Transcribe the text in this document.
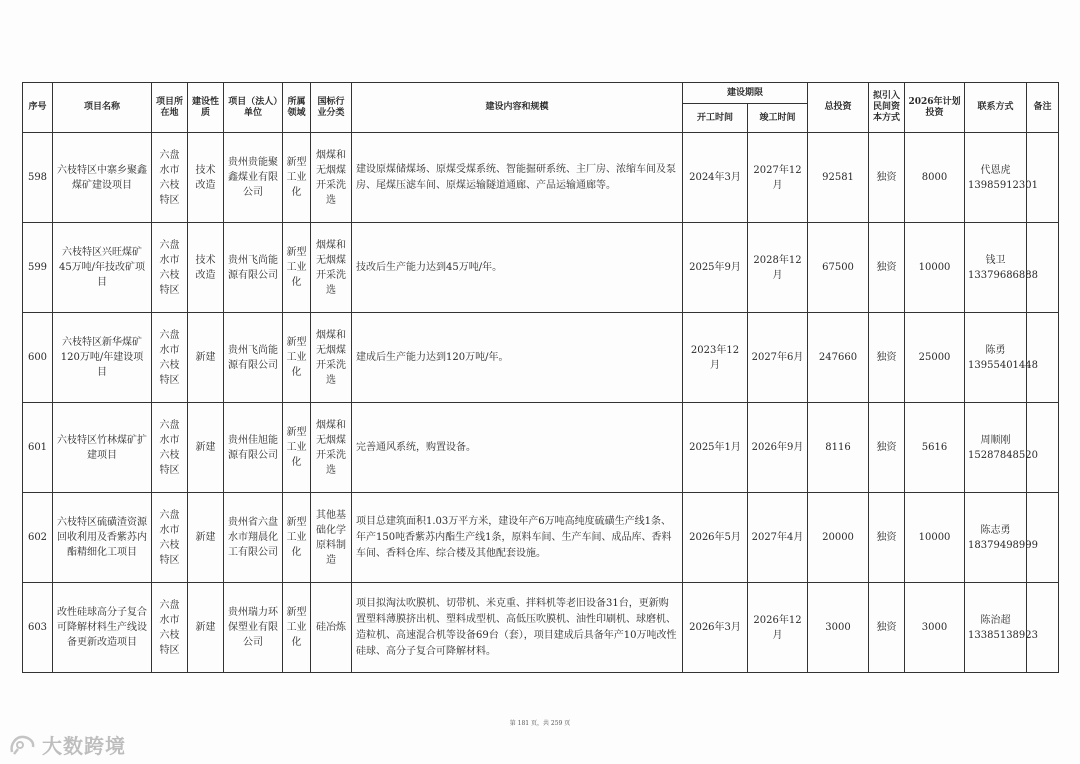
序号	项目名称	项目所在地	建设性质	项目（法人）单位	所属领域	国标行业分类	建设内容和规模	建设期限		总投资	拟引入民间资本方式	2026年计划投资	联系方式	备注
								开工时间	竣工时间					
598	六枝特区中寨乡聚鑫煤矿建设项目	六盘水市六枝特区	技术改造	贵州贵能聚鑫煤业有限公司	新型工业化	烟煤和无烟煤开采洗选	建设原煤储煤场、原煤受煤系统、智能掘研系统、主厂房、浓缩车间及泵房、尾煤压滤车间、原煤运输隧道通廊、产品运输通廊等。	2024年3月	2027年12月	92581	独资	8000	代恩虎
13985912301	

599	六枝特区兴旺煤矿45万吨/年技改矿项目	六盘水市六枝特区	技术改造	贵州飞尚能源有限公司	新型工业化	烟煤和无烟煤开采洗选	技改后生产能力达到45万吨/年。	2025年9月	2028年12月	67500	独资	10000	钱卫
13379686888	

600	六枝特区新华煤矿120万吨/年建设项目	六盘水市六枝特区	新建	贵州飞尚能源有限公司	新型工业化	烟煤和无烟煤开采洗选	建成后生产能力达到120万吨/年。	2023年12月	2027年6月	247660	独资	25000	陈勇
13955401448	

601	六枝特区竹林煤矿扩建项目	六盘水市六枝特区	新建	贵州佳旭能源有限公司	新型工业化	烟煤和无烟煤开采洗选	完善通风系统，购置设备。	2025年1月	2026年9月	8116	独资	5616	周顺刚
15287848520	

602	六枝特区硫磺渣资源回收利用及香紫苏内酯精细化工项目	六盘水市六枝特区	新建	贵州省六盘水市翔晨化工有限公司	新型工业化	其他基础化学原料制造	项目总建筑面积1.03万平方米，建设年产6万吨高纯度硫磺生产线1条、年产150吨香紫苏内酯生产线1条，原料车间、生产车间、成品库、香料车间、香料仓库、综合楼及其他配套设施。	2026年5月	2027年4月	20000	独资	10000	陈志勇
18379498999	

603	改性硅球高分子复合可降解材料生产线设备更新改造项目	六盘水市六枝特区	新建	贵州瑞力环保塑业有限公司	新型工业化	硅冶炼	项目拟淘汰吹膜机、切带机、米克重、拌料机等老旧设备31台，更新购置塑料薄膜挤出机、塑料成型机、高低压吹膜机、油性印刷机、球磨机、造粒机、高速混合机等设备69台（套），项目建成后具备年产10万吨改性硅球、高分子复合可降解材料。	2026年3月	2026年12月	3000	独资	3000	陈治超
13385138923	

第 181 页，共 259 页
大数跨境
